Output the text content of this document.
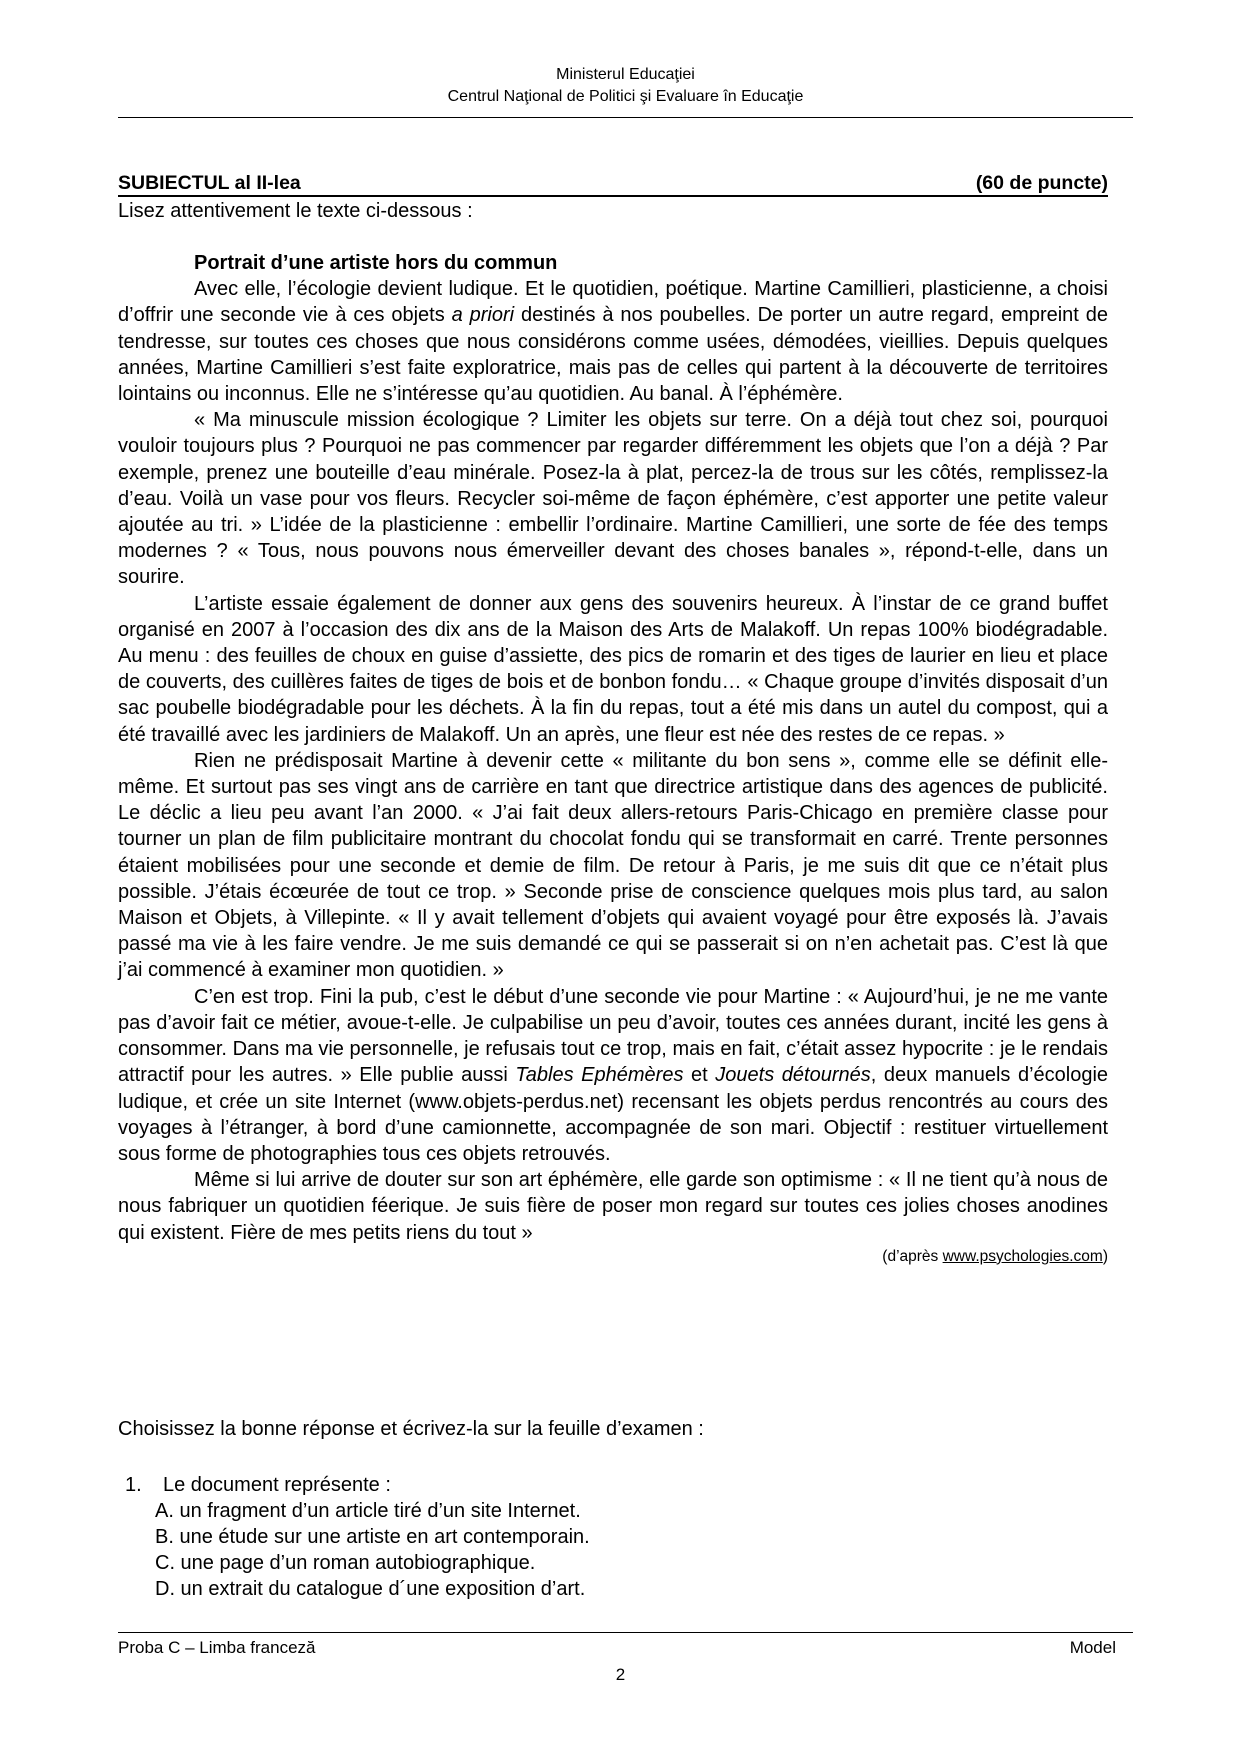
Ministerul Educaţiei
Centrul Naţional de Politici şi Evaluare în Educaţie
SUBIECTUL al II-lea	(60 de puncte)
Lisez attentivement le texte ci-dessous :
Portrait d’une artiste hors du commun

Avec elle, l’écologie devient ludique. Et le quotidien, poétique. Martine Camillieri, plasticienne, a choisi d’offrir une seconde vie à ces objets a priori destinés à nos poubelles. De porter un autre regard, empreint de tendresse, sur toutes ces choses que nous considérons comme usées, démodées, vieillies. Depuis quelques années, Martine Camillieri s’est faite exploratrice, mais pas de celles qui partent à la découverte de territoires lointains ou inconnus. Elle ne s’intéresse qu’au quotidien. Au banal. À l’éphémère.

« Ma minuscule mission écologique ? Limiter les objets sur terre. On a déjà tout chez soi, pourquoi vouloir toujours plus ? Pourquoi ne pas commencer par regarder différemment les objets que l’on a déjà ? Par exemple, prenez une bouteille d’eau minérale. Posez-la à plat, percez-la de trous sur les côtés, remplissez-la d’eau. Voilà un vase pour vos fleurs. Recycler soi-même de façon éphémère, c’est apporter une petite valeur ajoutée au tri. » L’idée de la plasticienne : embellir l’ordinaire. Martine Camillieri, une sorte de fée des temps modernes ? « Tous, nous pouvons nous émerveiller devant des choses banales », répond-t-elle, dans un sourire.

L’artiste essaie également de donner aux gens des souvenirs heureux. À l’instar de ce grand buffet organisé en 2007 à l’occasion des dix ans de la Maison des Arts de Malakoff. Un repas 100% biodégradable. Au menu : des feuilles de choux en guise d’assiette, des pics de romarin et des tiges de laurier en lieu et place de couverts, des cuillères faites de tiges de bois et de bonbon fondu… « Chaque groupe d’invités disposait d’un sac poubelle biodégradable pour les déchets. À la fin du repas, tout a été mis dans un autel du compost, qui a été travaillé avec les jardiniers de Malakoff. Un an après, une fleur est née des restes de ce repas. »

Rien ne prédisposait Martine à devenir cette « militante du bon sens », comme elle se définit elle-même. Et surtout pas ses vingt ans de carrière en tant que directrice artistique dans des agences de publicité. Le déclic a lieu peu avant l’an 2000. « J’ai fait deux allers-retours Paris-Chicago en première classe pour tourner un plan de film publicitaire montrant du chocolat fondu qui se transformait en carré. Trente personnes étaient mobilisées pour une seconde et demie de film. De retour à Paris, je me suis dit que ce n’était plus possible. J’étais écœurée de tout ce trop. » Seconde prise de conscience quelques mois plus tard, au salon Maison et Objets, à Villepinte. « Il y avait tellement d’objets qui avaient voyagé pour être exposés là. J’avais passé ma vie à les faire vendre. Je me suis demandé ce qui se passerait si on n’en achetait pas. C’est là que j’ai commencé à examiner mon quotidien. »

C’en est trop. Fini la pub, c’est le début d’une seconde vie pour Martine : « Aujourd’hui, je ne me vante pas d’avoir fait ce métier, avoue-t-elle. Je culpabilise un peu d’avoir, toutes ces années durant, incité les gens à consommer. Dans ma vie personnelle, je refusais tout ce trop, mais en fait, c’était assez hypocrite : je le rendais attractif pour les autres. » Elle publie aussi Tables Ephémères et Jouets détournés, deux manuels d’écologie ludique, et crée un site Internet (www.objets-perdus.net) recensant les objets perdus rencontrés au cours des voyages à l’étranger, à bord d’une camionnette, accompagnée de son mari. Objectif : restituer virtuellement sous forme de photographies tous ces objets retrouvés.

Même si lui arrive de douter sur son art éphémère, elle garde son optimisme : « Il ne tient qu’à nous de nous fabriquer un quotidien féerique. Je suis fière de poser mon regard sur toutes ces jolies choses anodines qui existent. Fière de mes petits riens du tout »

(d’après www.psychologies.com)
Choisissez la bonne réponse et écrivez-la sur la feuille d’examen :
1.	Le document représente :
A. un fragment d’un article tiré d’un site Internet.
B. une étude sur une artiste en art contemporain.
C. une page d’un roman autobiographique.
D. un extrait du catalogue d´une exposition d’art.
Proba C – Limba franceză	Model
2
